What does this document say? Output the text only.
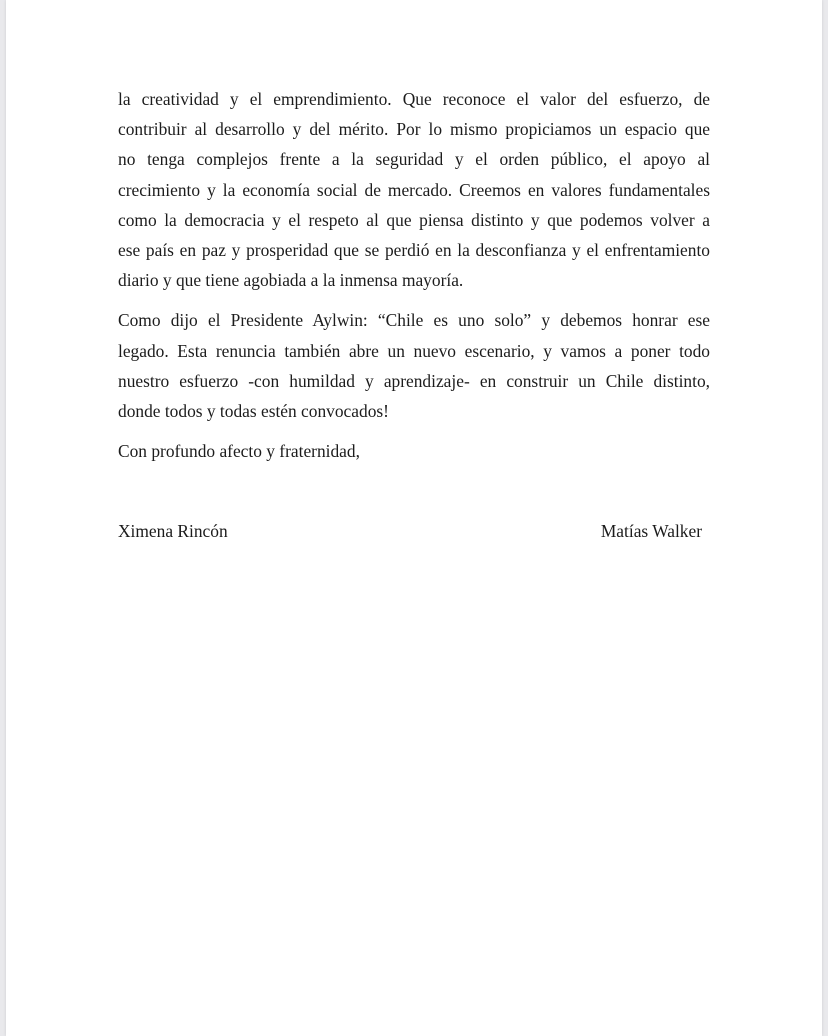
la creatividad y el emprendimiento. Que reconoce el valor del esfuerzo, de
contribuir al desarrollo y del mérito. Por lo mismo propiciamos un espacio que
no tenga complejos frente a la seguridad y el orden público, el apoyo al
crecimiento y la economía social de mercado. Creemos en valores fundamentales
como la democracia y el respeto al que piensa distinto y que podemos volver a
ese país en paz y prosperidad que se perdió en la desconfianza y el enfrentamiento
diario y que tiene agobiada a la inmensa mayoría.

Como dijo el Presidente Aylwin: “Chile es uno solo” y debemos honrar ese
legado. Esta renuncia también abre un nuevo escenario, y vamos a poner todo
nuestro esfuerzo -con humildad y aprendizaje- en construir un Chile distinto,
donde todos y todas estén convocados!

Con profundo afecto y fraternidad,

Ximena Rincón	Matías Walker
